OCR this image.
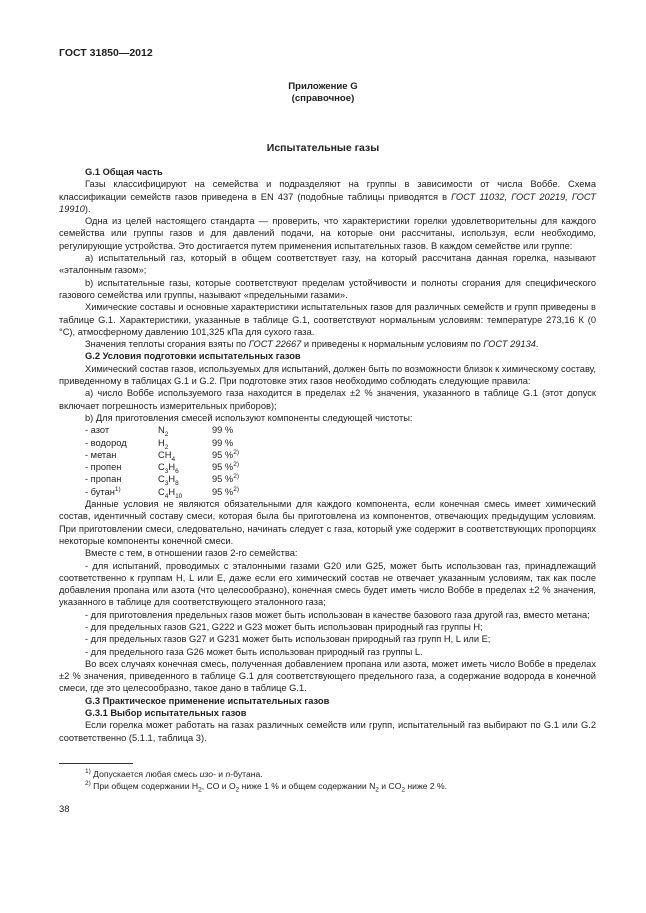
ГОСТ 31850—2012
Приложение G
(справочное)
Испытательные газы

G.1 Общая часть

Газы классифицируют на семейства и подразделяют на группы в зависимости от числа Воббе. Схема классификации семейств газов приведена в EN 437 (подобные таблицы приводятся в ГОСТ 11032, ГОСТ 20219, ГОСТ 19910).

Одна из целей настоящего стандарта — проверить, что характеристики горелки удовлетворительны для каждого семейства или группы газов и для давлений подачи, на которые они рассчитаны, используя, если необходимо, регулирующие устройства. Это достигается путем применения испытательных газов. В каждом семействе или группе:

а) испытательный газ, который в общем соответствует газу, на который рассчитана данная горелка, называют «эталонным газом»;

b) испытательные газы, которые соответствуют пределам устойчивости и полноты сгорания для специфического газового семейства или группы, называют «предельными газами».

Химические составы и основные характеристики испытательных газов для различных семейств и групп приведены в таблице G.1. Характеристики, указанные в таблице G.1, соответствуют нормальным условиям: температуре 273,16 К (0 °С), атмосферному давлению 101,325 кПа для сухого газа.

Значения теплоты сгорания взяты по ГОСТ 22667 и приведены к нормальным условиям по ГОСТ 29134.

G.2 Условия подготовки испытательных газов

Химический состав газов, используемых для испытаний, должен быть по возможности близок к химическому составу, приведенному в таблицах G.1 и G.2. При подготовке этих газов необходимо соблюдать следующие правила:

а) число Воббе используемого газа находится в пределах ±2 % значения, указанного в таблице G.1 (этот допуск включает погрешность измерительных приборов);

b) Для приготовления смесей используют компоненты следующей чистоты:

- азот	$N_2$	99 %
- водород	$H_2$	99 %
- метан	$CH_4$	95 %$^{2)}$
- пропен	$C_3H_6$	95 %$^{2)}$
- пропан	$C_3H_8$	95 %$^{2)}$
- бутан$^{1)}$	$C_4H_{10}$	95 %$^{2)}$

Данные условия не являются обязательными для каждого компонента, если конечная смесь имеет химический состав, идентичный составу смеси, которая была бы приготовлена из компонентов, отвечающих предыдущим условиям. При приготовлении смеси, следовательно, начинать следует с газа, который уже содержит в соответствующих пропорциях некоторые компоненты конечной смеси.

Вместе с тем, в отношении газов 2-го семейства:

- для испытаний, проводимых с эталонными газами G20 или G25, может быть использован газ, принадлежащий соответственно к группам Н, L или Е, даже если его химический состав не отвечает указанным условиям, так как после добавления пропана или азота (что целесообразно), конечная смесь будет иметь число Воббе в пределах ±2 % значения, указанного в таблице для соответствующего эталонного газа;

- для приготовления предельных газов может быть использован в качестве базового газа другой газ, вместо метана;

- для предельных газов G21, G222 и G23 может быть использован природный газ группы Н;

- для предельных газов G27 и G231 может быть использован природный газ групп Н, L или Е;

- для предельного газа G26 может быть использован природный газ группы L.

Во всех случаях конечная смесь, полученная добавлением пропана или азота, может иметь число Воббе в пределах ±2 % значения, приведенного в таблице G.1 для соответствующего предельного газа, а содержание водорода в конечной смеси, где это целесообразно, такое дано в таблице G.1.

G.3 Практическое применение испытательных газов

G.3.1 Выбор испытательных газов

Если горелка может работать на газах различных семейств или групп, испытательный газ выбирают по G.1 или G.2 соответственно (5.1.1, таблица 3).

$^{1)}$ Допускается любая смесь изо- и n-бутана.
$^{2)}$ При общем содержании $H_2$, CO и $O_2$ ниже 1 % и общем содержании $N_2$ и $CO_2$ ниже 2 %.
38
